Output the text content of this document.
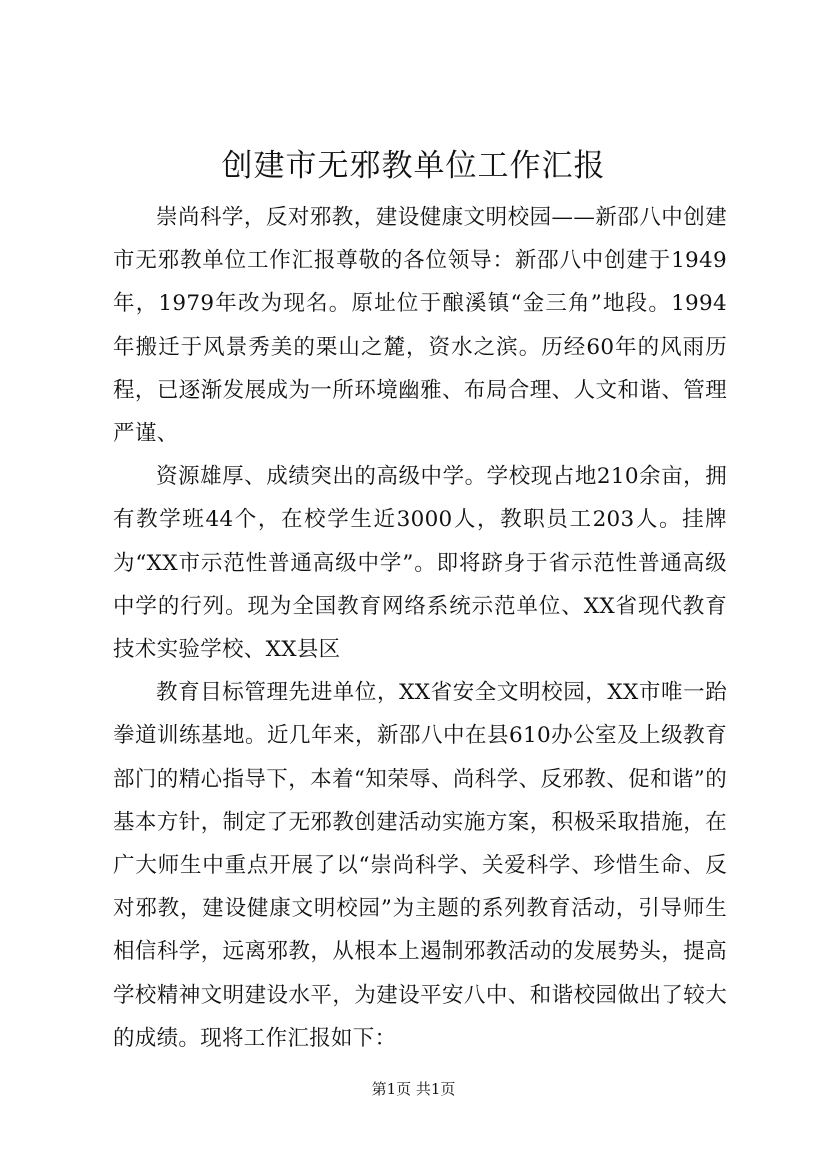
创建市无邪教单位工作汇报

崇尚科学，反对邪教，建设健康文明校园——新邵八中创建市无邪教单位工作汇报尊敬的各位领导：新邵八中创建于1949年，1979年改为现名。原址位于酿溪镇“金三角”地段。1994年搬迁于风景秀美的栗山之麓，资水之滨。历经60年的风雨历程，已逐渐发展成为一所环境幽雅、布局合理、人文和谐、管理严谨、

资源雄厚、成绩突出的高级中学。学校现占地210余亩，拥有教学班44个，在校学生近3000人，教职员工203人。挂牌为“XX市示范性普通高级中学”。即将跻身于省示范性普通高级中学的行列。现为全国教育网络系统示范单位、XX省现代教育技术实验学校、XX县区

教育目标管理先进单位，XX省安全文明校园，XX市唯一跆拳道训练基地。近几年来，新邵八中在县610办公室及上级教育部门的精心指导下，本着“知荣辱、尚科学、反邪教、促和谐”的基本方针，制定了无邪教创建活动实施方案，积极采取措施，在广大师生中重点开展了以“崇尚科学、关爱科学、珍惜生命、反对邪教，建设健康文明校园”为主题的系列教育活动，引导师生相信科学，远离邪教，从根本上遏制邪教活动的发展势头，提高学校精神文明建设水平，为建设平安八中、和谐校园做出了较大的成绩。现将工作汇报如下：

第1页 共1页
